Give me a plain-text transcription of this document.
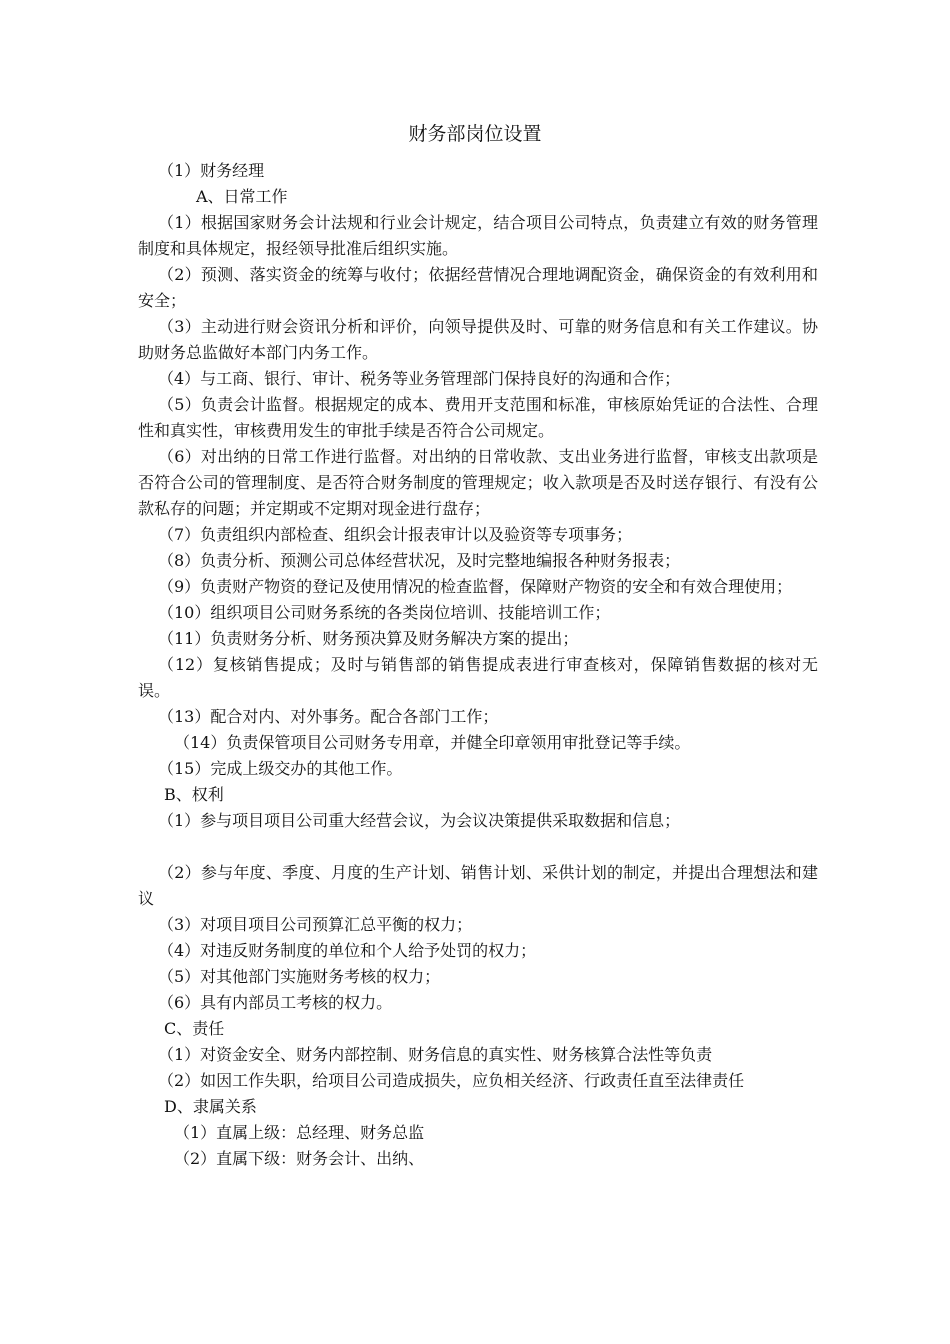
财务部岗位设置

（1）财务经理

A、日常工作

（1）根据国家财务会计法规和行业会计规定，结合项目公司特点，负责建立有效的财务管理制度和具体规定，报经领导批准后组织实施。

（2）预测、落实资金的统筹与收付；依据经营情况合理地调配资金，确保资金的有效利用和安全；

（3）主动进行财会资讯分析和评价，向领导提供及时、可靠的财务信息和有关工作建议。协助财务总监做好本部门内务工作。

（4）与工商、银行、审计、税务等业务管理部门保持良好的沟通和合作；

（5）负责会计监督。根据规定的成本、费用开支范围和标准，审核原始凭证的合法性、合理性和真实性，审核费用发生的审批手续是否符合公司规定。

（6）对出纳的日常工作进行监督。对出纳的日常收款、支出业务进行监督，审核支出款项是否符合公司的管理制度、是否符合财务制度的管理规定；收入款项是否及时送存银行、有没有公款私存的问题；并定期或不定期对现金进行盘存；

（7）负责组织内部检查、组织会计报表审计以及验资等专项事务；

（8）负责分析、预测公司总体经营状况，及时完整地编报各种财务报表；

（9）负责财产物资的登记及使用情况的检查监督，保障财产物资的安全和有效合理使用；

（10）组织项目公司财务系统的各类岗位培训、技能培训工作；

（11）负责财务分析、财务预决算及财务解决方案的提出；

（12）复核销售提成；及时与销售部的销售提成表进行审查核对，保障销售数据的核对无误。

（13）配合对内、对外事务。配合各部门工作；

（14）负责保管项目公司财务专用章，并健全印章领用审批登记等手续。

（15）完成上级交办的其他工作。

B、权利

（1）参与项目项目公司重大经营会议，为会议决策提供采取数据和信息；

（2）参与年度、季度、月度的生产计划、销售计划、采供计划的制定，并提出合理想法和建议

（3）对项目项目公司预算汇总平衡的权力；

（4）对违反财务制度的单位和个人给予处罚的权力；

（5）对其他部门实施财务考核的权力；

（6）具有内部员工考核的权力。

C、责任

（1）对资金安全、财务内部控制、财务信息的真实性、财务核算合法性等负责

（2）如因工作失职，给项目公司造成损失，应负相关经济、行政责任直至法律责任

D、隶属关系

（1）直属上级：总经理、财务总监

（2）直属下级：财务会计、出纳、
